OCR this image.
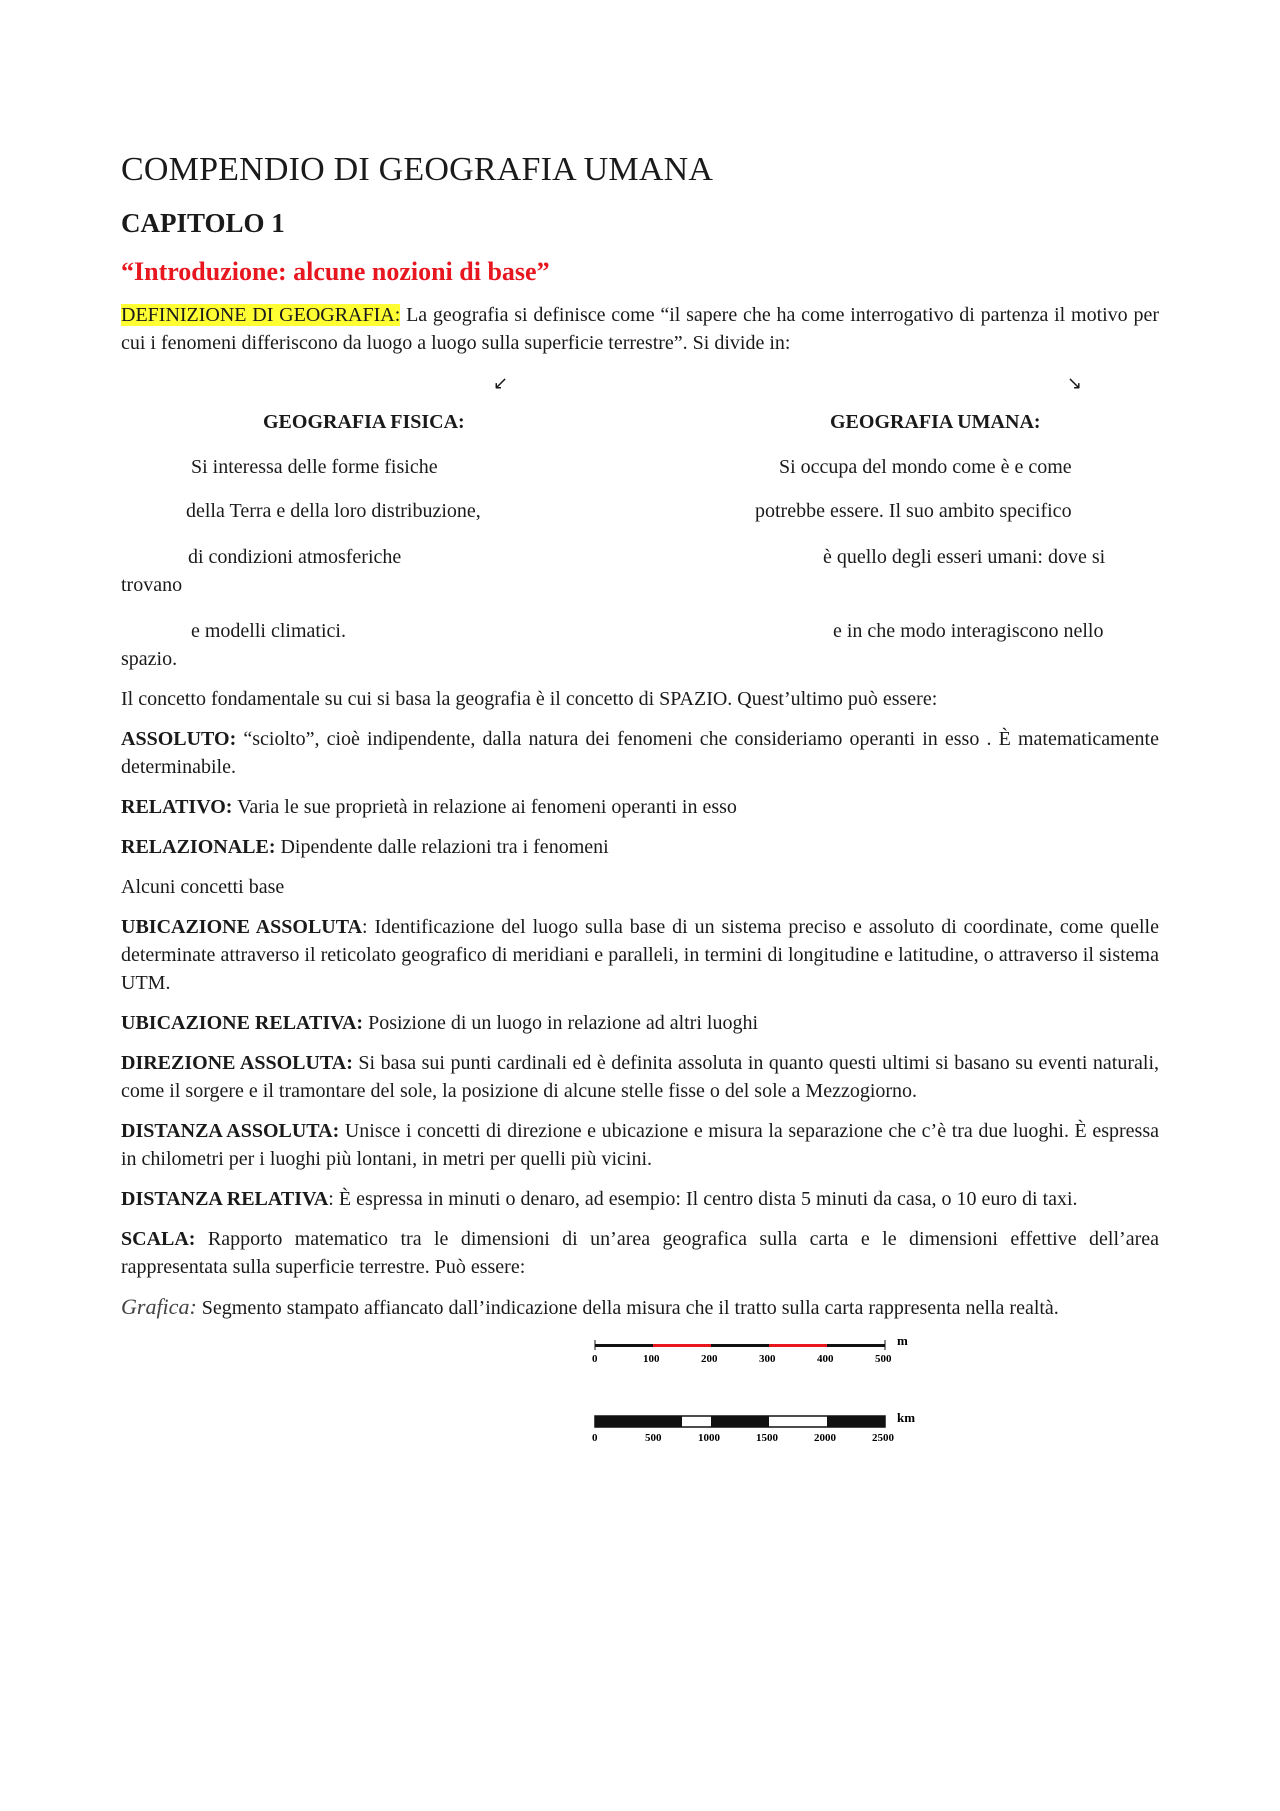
COMPENDIO DI GEOGRAFIA UMANA
CAPITOLO 1
“Introduzione: alcune nozioni di base”

DEFINIZIONE DI GEOGRAFIA: La geografia si definisce come “il sapere che ha come interrogativo di partenza il motivo per cui i fenomeni differiscono da luogo a luogo sulla superficie terrestre”. Si divide in:

↙	↘
GEOGRAFIA FISICA:	GEOGRAFIA UMANA:
Si interessa delle forme fisiche	Si occupa del mondo come è e come
della Terra e della loro distribuzione,	potrebbe essere. Il suo ambito specifico
di condizioni atmosferiche	è quello degli esseri umani: dove si
trovano
e modelli climatici.	e in che modo interagiscono nello
spazio.

Il concetto fondamentale su cui si basa la geografia è il concetto di SPAZIO. Quest’ultimo può essere:

ASSOLUTO: “sciolto”, cioè indipendente, dalla natura dei fenomeni che consideriamo operanti in esso . È matematicamente determinabile.

RELATIVO: Varia le sue proprietà in relazione ai fenomeni operanti in esso

RELAZIONALE: Dipendente dalle relazioni tra i fenomeni

Alcuni concetti base

UBICAZIONE ASSOLUTA: Identificazione del luogo sulla base di un sistema preciso e assoluto di coordinate, come quelle determinate attraverso il reticolato geografico di meridiani e paralleli, in termini di longitudine e latitudine, o attraverso il sistema UTM.

UBICAZIONE RELATIVA: Posizione di un luogo in relazione ad altri luoghi

DIREZIONE ASSOLUTA: Si basa sui punti cardinali ed è definita assoluta in quanto questi ultimi si basano su eventi naturali, come il sorgere e il tramontare del sole, la posizione di alcune stelle fisse o del sole a Mezzogiorno.

DISTANZA ASSOLUTA: Unisce i concetti di direzione e ubicazione e misura la separazione che c’è tra due luoghi. È espressa in chilometri per i luoghi più lontani, in metri per quelli più vicini.

DISTANZA RELATIVA: È espressa in minuti o denaro, ad esempio: Il centro dista 5 minuti da casa, o 10 euro di taxi.

SCALA: Rapporto matematico tra le dimensioni di un’area geografica sulla carta e le dimensioni effettive dell’area rappresentata sulla superficie terrestre. Può essere:

Grafica: Segmento stampato affiancato dall’indicazione della misura che il tratto sulla carta rappresenta nella realtà.

0	100	200	300	400	500
m
0	500	1000	1500	2000	2500
km
